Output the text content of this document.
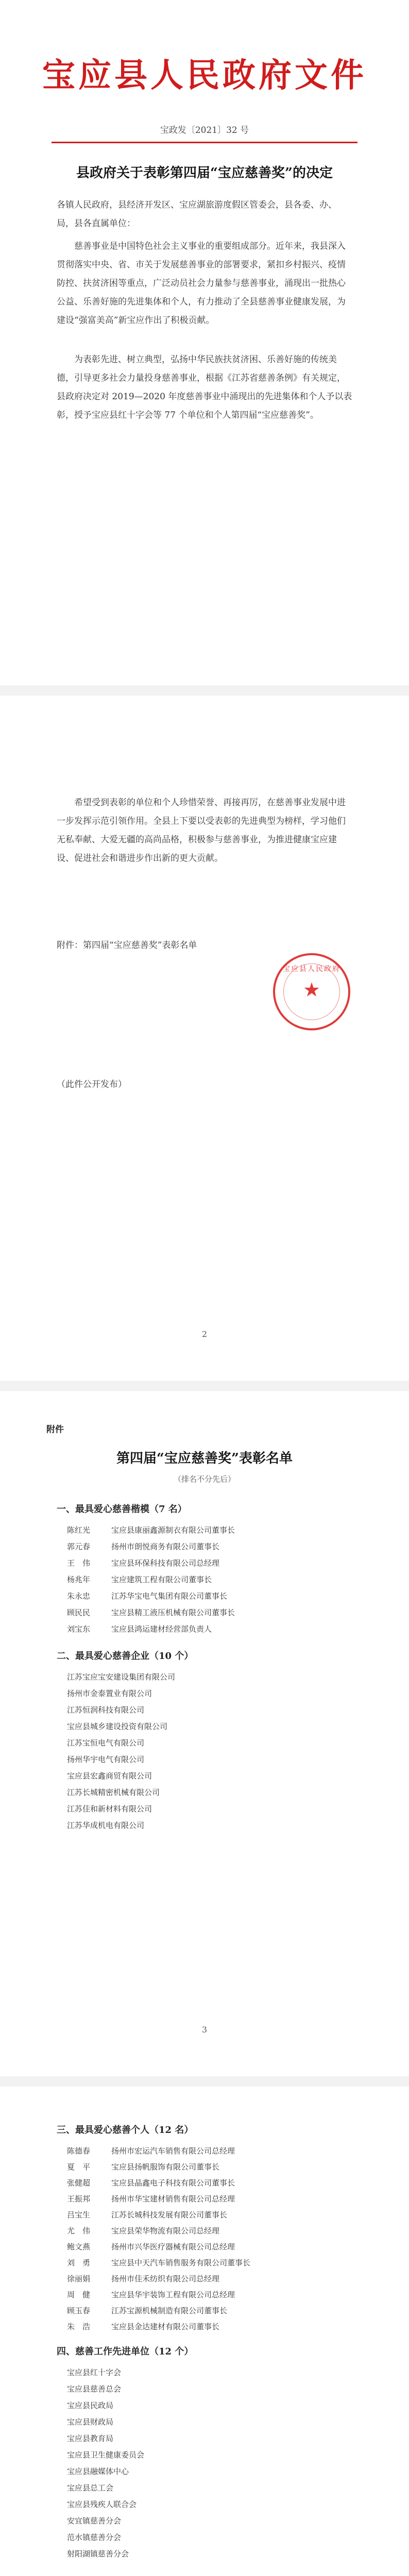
宝应县人民政府文件
宝政发〔2021〕32 号
县政府关于表彰第四届“宝应慈善奖”的决定

各镇人民政府，县经济开发区、宝应湖旅游度假区管委会，县各委、办、局，县各直属单位：

慈善事业是中国特色社会主义事业的重要组成部分。近年来，我县深入贯彻落实中央、省、市关于发展慈善事业的部署要求，紧扣乡村振兴、疫情防控、扶贫济困等重点，广泛动员社会力量参与慈善事业，涌现出一批热心公益、乐善好施的先进集体和个人，有力推动了全县慈善事业健康发展，为建设“强富美高”新宝应作出了积极贡献。

为表彰先进、树立典型，弘扬中华民族扶贫济困、乐善好施的传统美德，引导更多社会力量投身慈善事业，根据《江苏省慈善条例》有关规定，县政府决定对 2019—2020 年度慈善事业中涌现出的先进集体和个人予以表彰，授予宝应县红十字会等 77 个单位和个人第四届“宝应慈善奖”。

希望受到表彰的单位和个人珍惜荣誉、再接再厉，在慈善事业发展中进一步发挥示范引领作用。全县上下要以受表彰的先进典型为榜样，学习他们无私奉献、大爱无疆的高尚品格，积极参与慈善事业，为推进健康宝应建设、促进社会和谐进步作出新的更大贡献。

附件：第四届“宝应慈善奖”表彰名单

宝应县人民政府
★

（此件公开发布）

2
附件
第四届“宝应慈善奖”表彰名单
（排名不分先后）
一、最具爱心慈善楷模（7 名）
陈红光	宝应县康丽鑫源制衣有限公司董事长
郭元春	扬州市朗悦商务有限公司董事长
王　伟	宝应县环保科技有限公司总经理
杨兆年	宝应建筑工程有限公司董事长
朱永忠	江苏华宝电气集团有限公司董事长
顾民民	宝应县精工液压机械有限公司董事长
刘宝东	宝应县鸿运建材经营部负责人
二、最具爱心慈善企业（10 个）
江苏宝应宝安建设集团有限公司
扬州市金泰置业有限公司
江苏恒润科技有限公司
宝应县城乡建设投资有限公司
江苏宝恒电气有限公司
扬州华宇电气有限公司
宝应县宏鑫商贸有限公司
江苏长城精密机械有限公司
江苏佳和新材料有限公司
江苏华成机电有限公司
3
三、最具爱心慈善个人（12 名）
陈德春	扬州市宏运汽车销售有限公司总经理
夏　平	宝应县扬帆服饰有限公司董事长
张健超	宝应县晶鑫电子科技有限公司董事长
王振邦	扬州市华宝建材销售有限公司总经理
吕宝生	江苏长城科技发展有限公司董事长
尤　伟	宝应县荣华物流有限公司总经理
鲍文燕	扬州市兴华医疗器械有限公司总经理
刘　勇	宝应县中天汽车销售服务有限公司董事长
徐丽娟	扬州市佳禾纺织有限公司总经理
周　健	宝应县华宇装饰工程有限公司总经理
顾玉春	江苏宝源机械制造有限公司董事长
朱　浩	宝应县金达建材有限公司董事长
四、慈善工作先进单位（12 个）
宝应县红十字会
宝应县慈善总会
宝应县民政局
宝应县财政局
宝应县教育局
宝应县卫生健康委员会
宝应县融媒体中心
宝应县总工会
宝应县残疾人联合会
安宜镇慈善分会
范水镇慈善分会
射阳湖镇慈善分会
